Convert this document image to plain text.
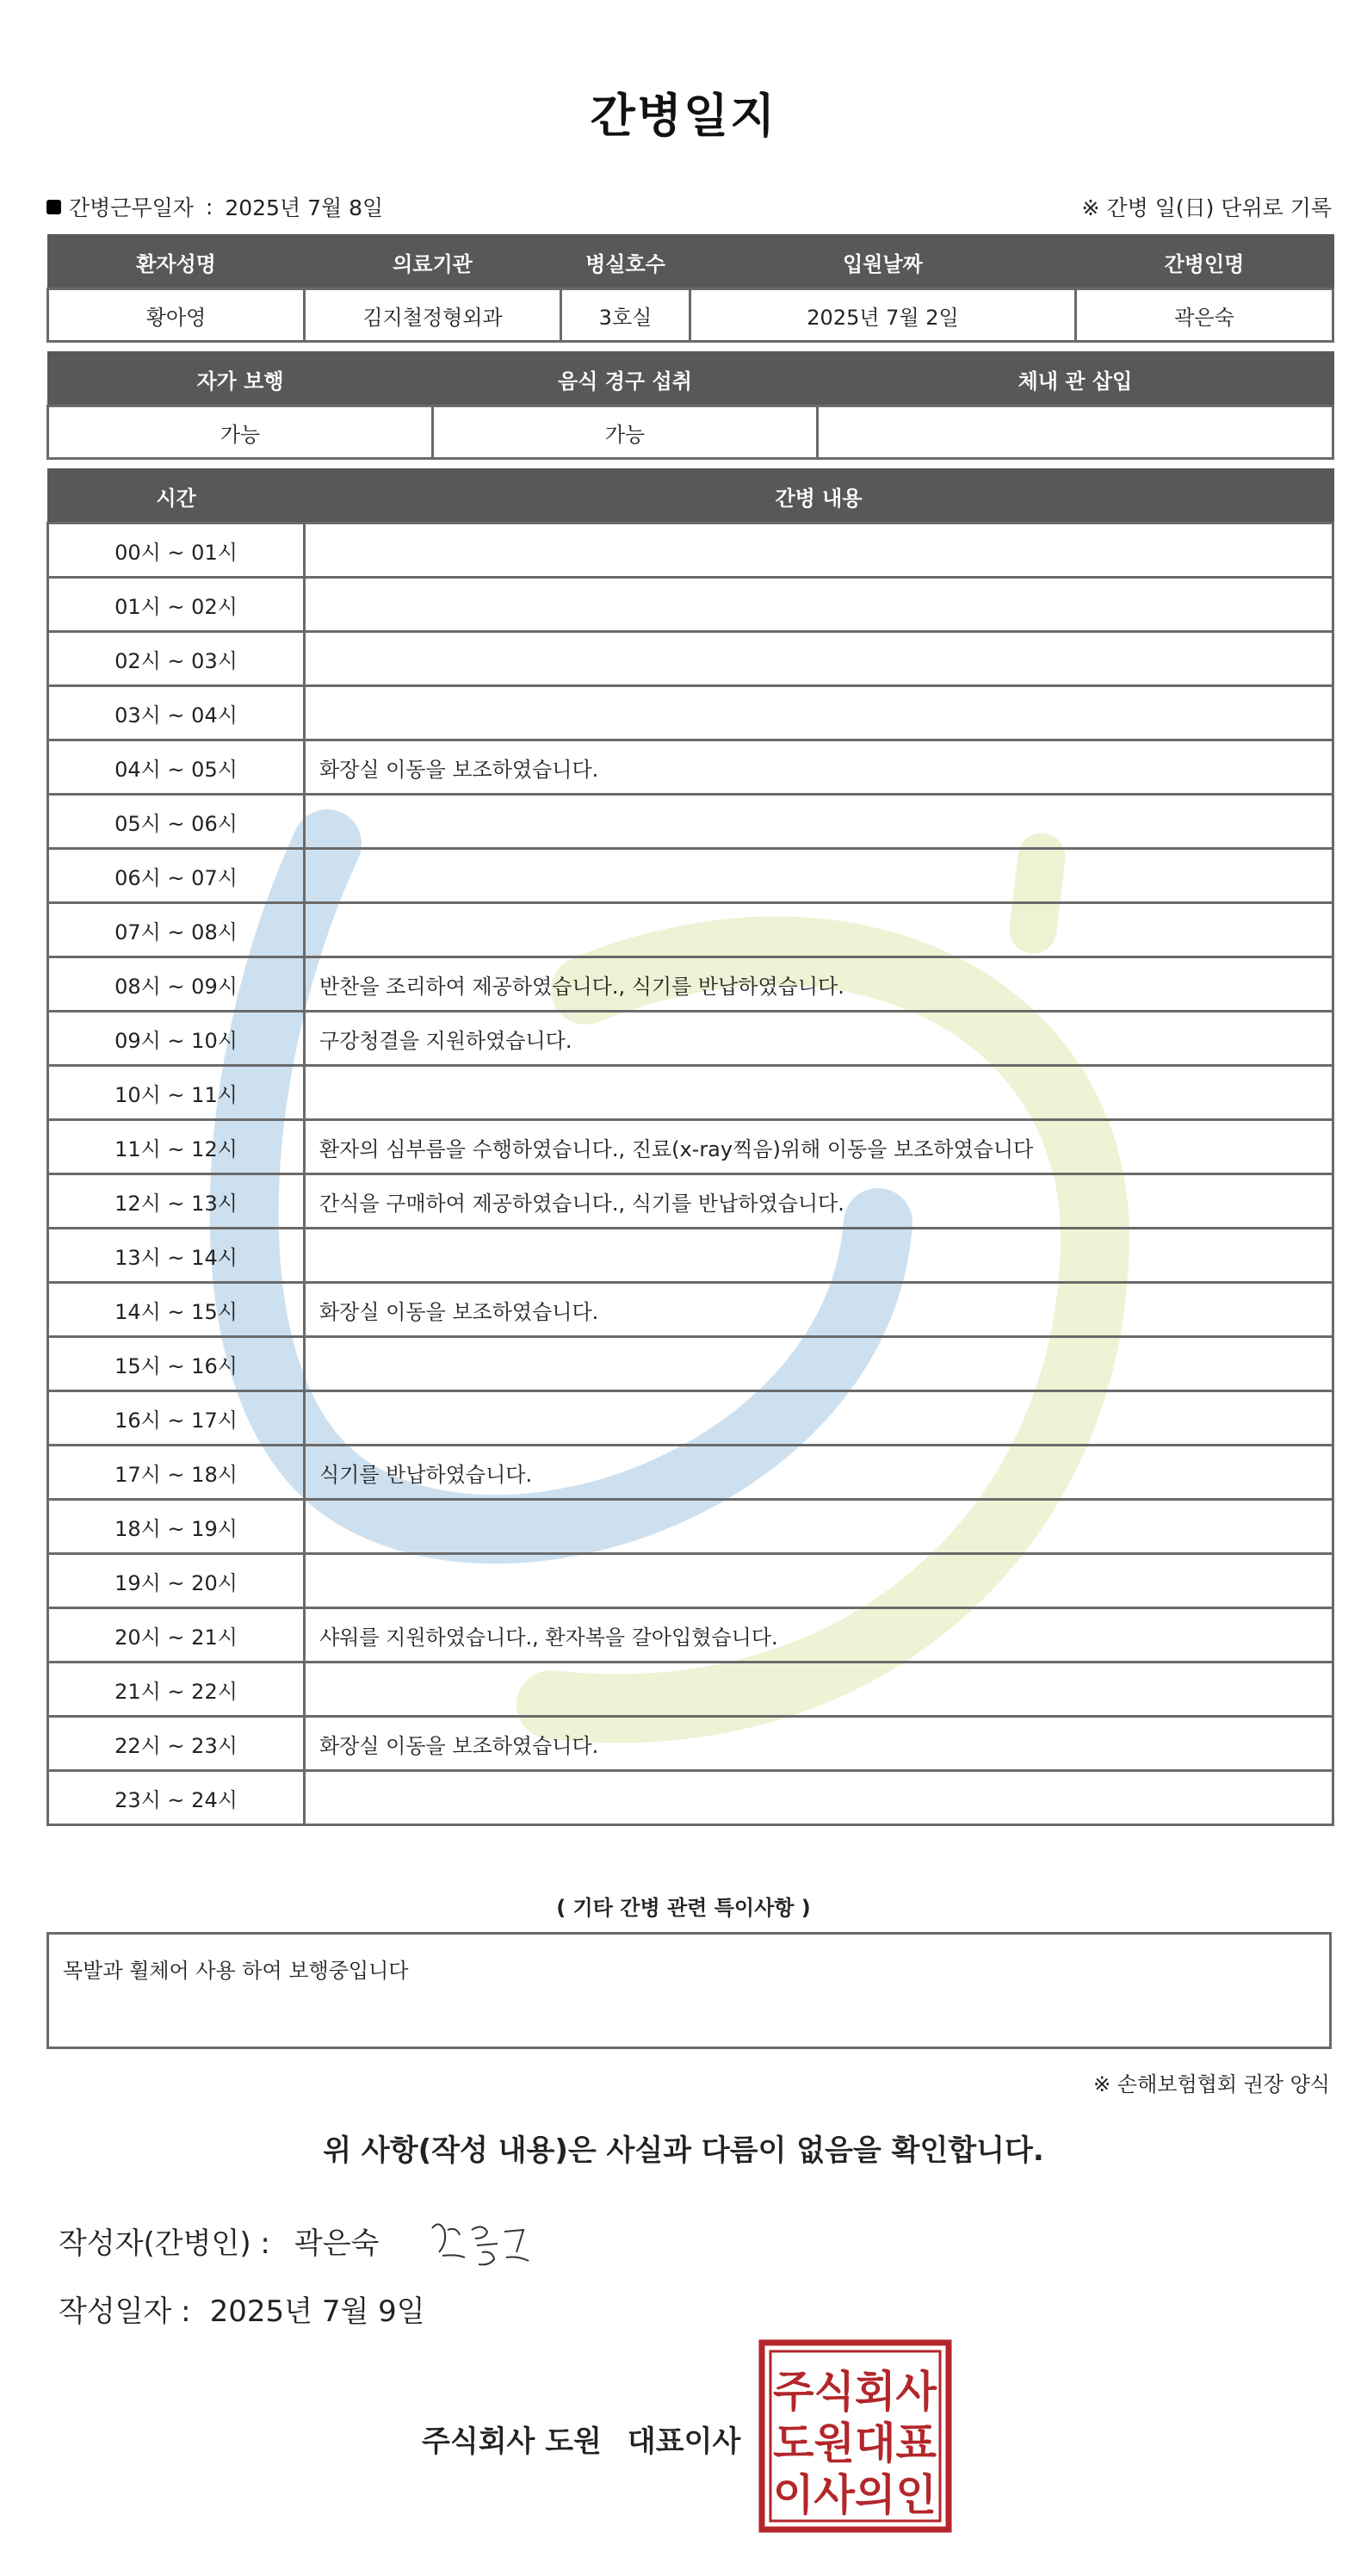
간병일지
간병근무일자 : 2025년 7월 8일	※ 간병 일(日) 단위로 기록
환자성명	의료기관	병실호수	입원날짜	간병인명
황아영	김지철정형외과	3호실	2025년 7월 2일	곽은숙
자가 보행	음식 경구 섭취	체내 관 삽입
가능	가능	
시간	간병 내용
00시 ~ 01시	
01시 ~ 02시	
02시 ~ 03시	
03시 ~ 04시	
04시 ~ 05시	화장실 이동을 보조하였습니다.
05시 ~ 06시	
06시 ~ 07시	
07시 ~ 08시	
08시 ~ 09시	반찬을 조리하여 제공하였습니다., 식기를 반납하였습니다.
09시 ~ 10시	구강청결을 지원하였습니다.
10시 ~ 11시	
11시 ~ 12시	환자의 심부름을 수행하였습니다., 진료(x-ray찍음)위해 이동을 보조하였습니다
12시 ~ 13시	간식을 구매하여 제공하였습니다., 식기를 반납하였습니다.
13시 ~ 14시	
14시 ~ 15시	화장실 이동을 보조하였습니다.
15시 ~ 16시	
16시 ~ 17시	
17시 ~ 18시	식기를 반납하였습니다.
18시 ~ 19시	
19시 ~ 20시	
20시 ~ 21시	샤워를 지원하였습니다., 환자복을 갈아입혔습니다.
21시 ~ 22시	
22시 ~ 23시	화장실 이동을 보조하였습니다.
23시 ~ 24시	
( 기타 간병 관련 특이사항 )
목발과 휠체어 사용 하여 보행중입니다
※ 손해보험협회 권장 양식
위 사항(작성 내용)은 사실과 다름이 없음을 확인합니다.
작성자(간병인) : 곽은숙
작성일자 : 2025년 7월 9일
주식회사 도원 대표이사
주식회사
도원대표
이사의인
